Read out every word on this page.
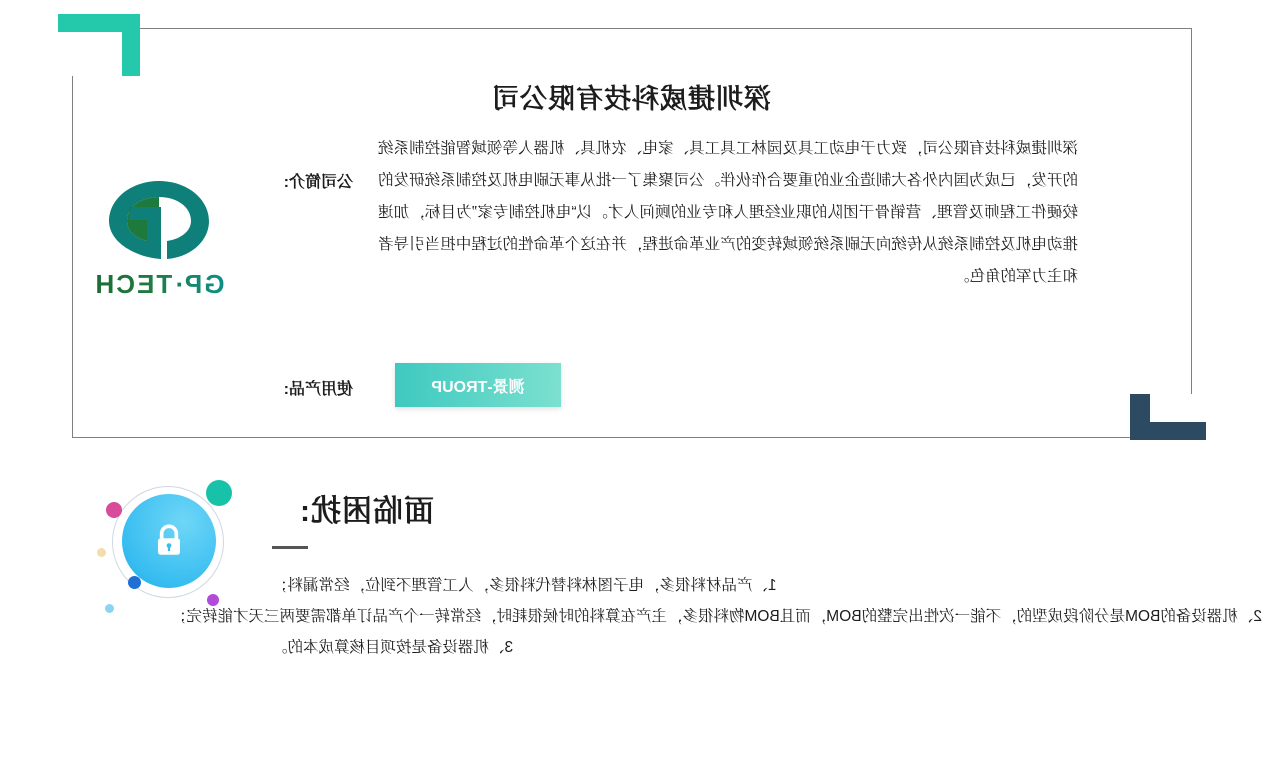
深圳捷威科技有限公司
公司简介:
深圳捷威科技有限公司，致力于电动工具及园林工具工具、家电、农机具、机器人等领域智能控制系统的开发，已成为国内外各大制造企业的重要合作伙伴。公司聚集了一批从事无刷电机及控制系统研发的较硬件工程师及管理、营销骨干团队的职业经理人和专业的顾问人才。以“电机控制专家”为目标，加速推动电机及控制系统从传统向无刷系统领域转变的产业革命进程，并在这个革命性的过程中担当引导者和主力军的角色。
GP·TECH
使用产品:	测景-TROUP
面临困扰:
1、产品材料很多，电子图林料替代料很多，人工管理不到位，经常漏料；
2、机器设备的BOM是分阶段成型的，不能一次性出完整的BOM，而且BOM物料很多，主产在算料的时候很耗时，经常转一个产品订单都需要两三天才能转完；
3、机器设备是按项目核算成本的。
